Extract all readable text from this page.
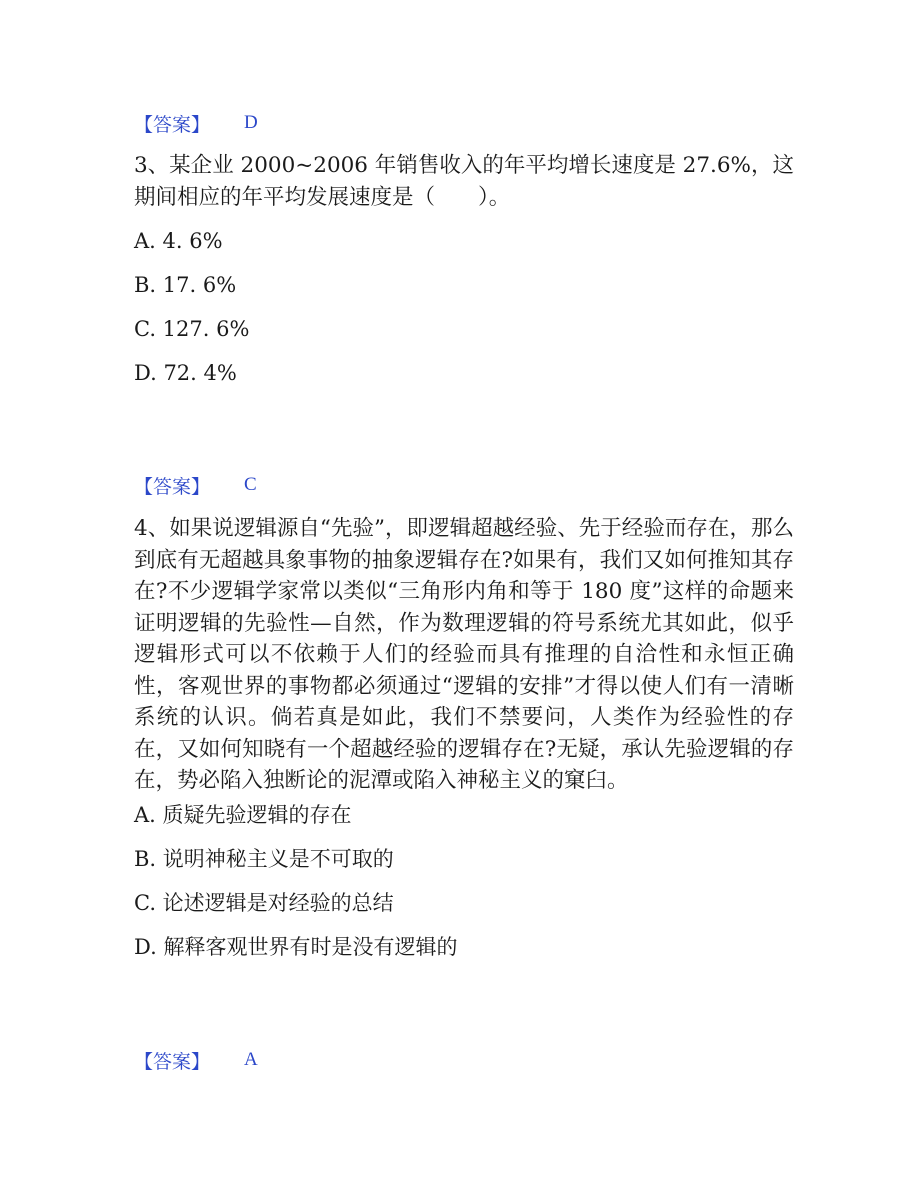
【答案】 D
3、某企业 2000~2006 年销售收入的年平均增长速度是 27.6%，这期间相应的年平均发展速度是（　　）。
A. 4. 6%
B. 17. 6%
C. 127. 6%
D. 72. 4%
【答案】 C
4、如果说逻辑源自“先验”，即逻辑超越经验、先于经验而存在，那么到底有无超越具象事物的抽象逻辑存在?如果有，我们又如何推知其存在?不少逻辑学家常以类似“三角形内角和等于 180 度”这样的命题来证明逻辑的先验性—自然，作为数理逻辑的符号系统尤其如此，似乎逻辑形式可以不依赖于人们的经验而具有推理的自洽性和永恒正确性，客观世界的事物都必须通过“逻辑的安排”才得以使人们有一清晰系统的认识。倘若真是如此，我们不禁要问，人类作为经验性的存在，又如何知晓有一个超越经验的逻辑存在?无疑，承认先验逻辑的存在，势必陷入独断论的泥潭或陷入神秘主义的窠臼。
A. 质疑先验逻辑的存在
B. 说明神秘主义是不可取的
C. 论述逻辑是对经验的总结
D. 解释客观世界有时是没有逻辑的
【答案】 A
